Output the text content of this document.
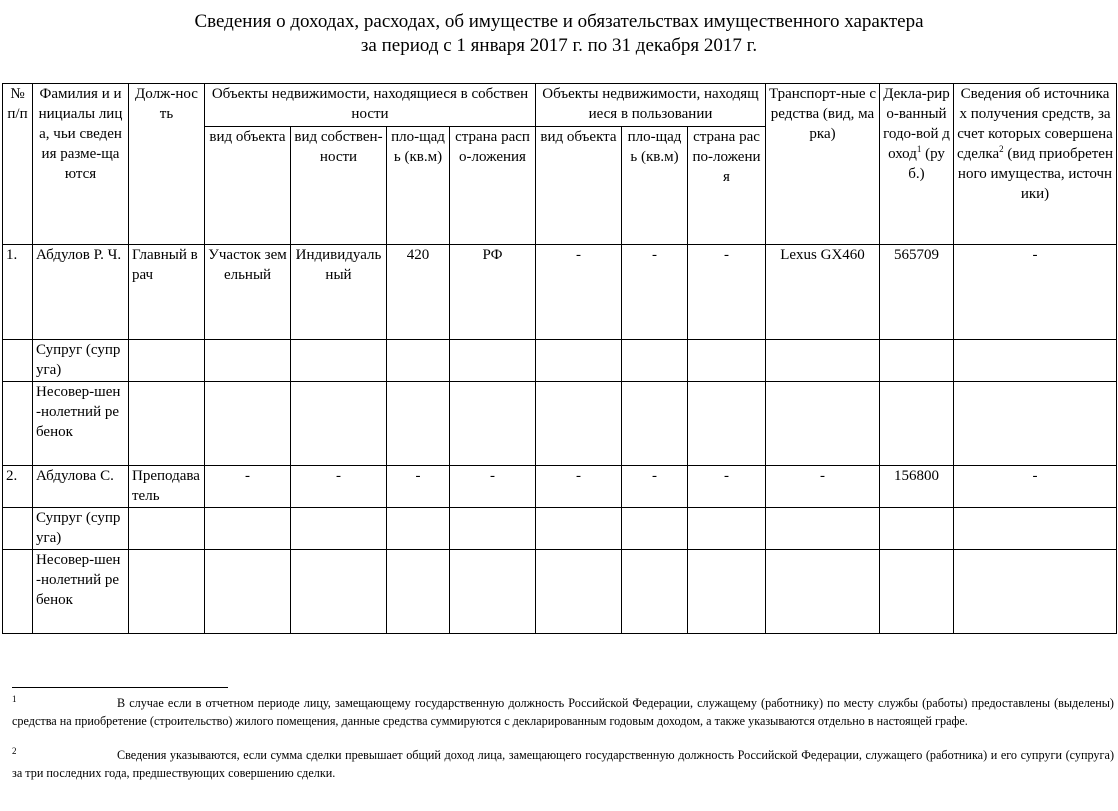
Сведения о доходах, расходах, об имуществе и обязательствах имущественного характера
за период с 1 января 2017 г. по 31 декабря 2017 г.
№ п/п	Фамилия и инициалы лица, чьи сведения разме-щаются	Долж-ность	Объекты недвижимости, находящиеся в собственности				Объекты недвижимости, находящиеся в пользовании			Транспорт-ные средства (вид, марка)	Декла-риро-ванный годо-вой доход$^1$ (руб.)	Сведения об источниках получения средств, за счет которых совершена сделка$^2$ (вид приобретенного имущества, источники)
			вид объекта	вид собствен-ности	пло-щадь (кв.м)	страна распо-ложения	вид объекта	пло-щадь (кв.м)	страна распо-ложения			
1.	Абдулов Р. Ч.	Главный врач	Участок земельный	Индивидуальный	420	РФ	-	-	-	Lexus GX460	565709	-
	Супруг (супруга)											
	Несовер-шен-нолетний ребенок											
2.	Абдулова С.	Преподаватель	-	-	-	-	-	-	-	-	156800	-
	Супруг (супруга)											
	Несовер-шен-нолетний ребенок											
$^1$	В случае если в отчетном периоде лицу, замещающему государственную должность Российской Федерации, служащему (работнику) по месту службы (работы) предоставлены (выделены) средства на приобретение (строительство) жилого помещения, данные средства суммируются с декларированным годовым доходом, а также указываются отдельно в настоящей графе.
$^2$	Сведения указываются, если сумма сделки превышает общий доход лица, замещающего государственную должность Российской Федерации, служащего (работника) и его супруги (супруга) за три последних года, предшествующих совершению сделки.
